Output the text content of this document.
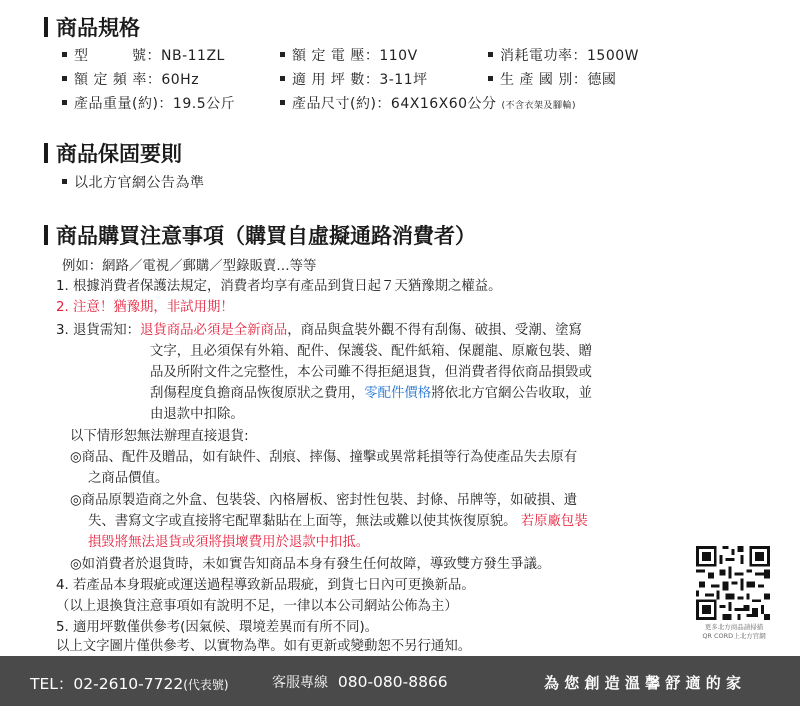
商品規格
型　　　號：NB-11ZL	額 定 電 壓：110V	消耗電功率：1500W
額 定 頻 率：60Hz	適 用 坪 數：3-11坪	生 產 國 別：德國
產品重量(約)：19.5公斤	產品尺寸(約)：64X16X60公分 (不含衣架及腳輪)
商品保固要則
以北方官網公告為準
商品購買注意事項（購買自虛擬通路消費者）
例如：網路／電視／郵購／型錄販賣…等等
1. 根據消費者保護法規定，消費者均享有產品到貨日起７天猶豫期之權益。
2. 注意！猶豫期，非試用期！
3. 退貨需知：退貨商品必須是全新商品，商品與盒裝外觀不得有刮傷、破損、受潮、塗寫
文字，且必須保有外箱、配件、保護袋、配件紙箱、保麗龍、原廠包裝、贈
品及所附文件之完整性，本公司雖不得拒絕退貨，但消費者得依商品損毀或
刮傷程度負擔商品恢復原狀之費用，零配件價格將依北方官網公告收取，並
由退款中扣除。
以下情形恕無法辦理直接退貨:
◎商品、配件及贈品，如有缺件、刮痕、摔傷、撞擊或異常耗損等行為使產品失去原有
之商品價值。
◎商品原製造商之外盒、包裝袋、內格層板、密封性包裝、封條、吊牌等，如破損、遺
失、書寫文字或直接將宅配單黏貼在上面等，無法或難以使其恢復原貌。 若原廠包裝
損毀將無法退貨或須將損壞費用於退款中扣抵。
◎如消費者於退貨時，未如實告知商品本身有發生任何故障，導致雙方發生爭議。
4. 若產品本身瑕疵或運送過程導致新品瑕疵，到貨七日內可更換新品。
（以上退換貨注意事項如有說明不足，一律以本公司網站公佈為主）
5. 適用坪數僅供參考(因氣候、環境差異而有所不同)。
以上文字圖片僅供參考、以實物為準。如有更新或變動恕不另行通知。
更多北方商品請掃描
QR CORD上北方官網
TEL：02-2610-7722(代表號)	客服專線 080-080-8866	為 您 創 造 溫 馨 舒 適 的 家
